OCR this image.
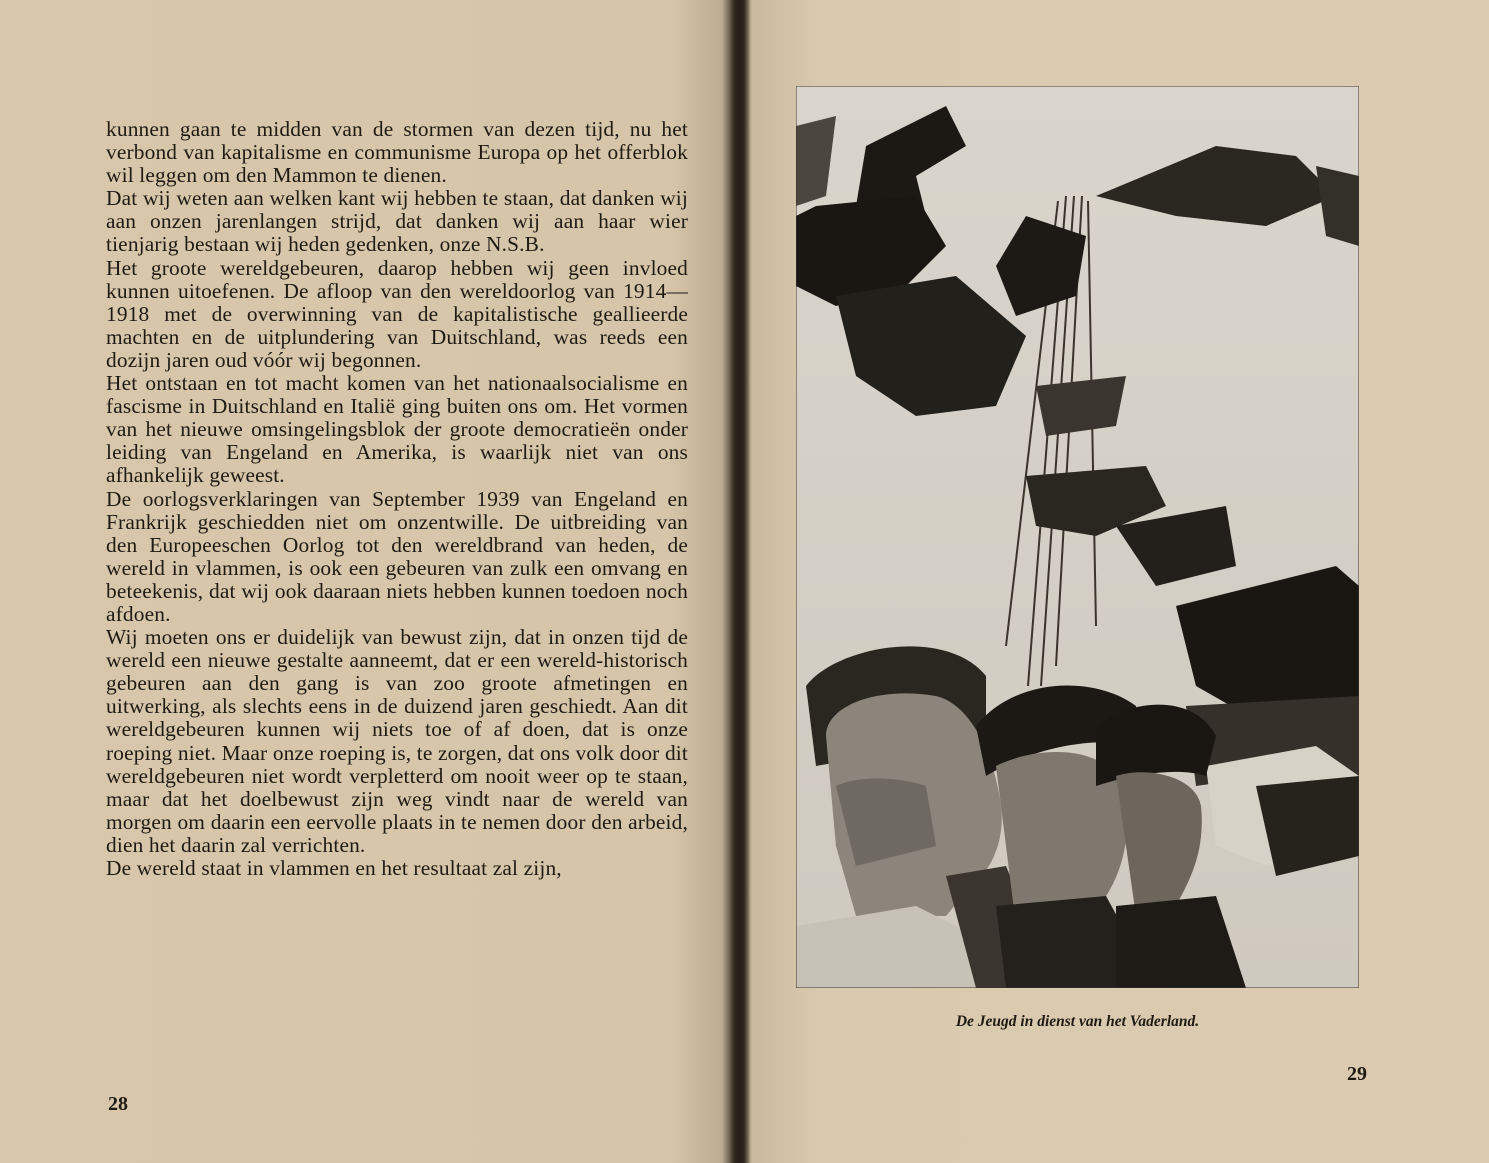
kunnen gaan te midden van de stormen van dezen tijd, nu het verbond van kapitalisme en communisme Europa op het offerblok wil leggen om den Mammon te dienen.

Dat wij weten aan welken kant wij hebben te staan, dat danken wij aan onzen jarenlangen strijd, dat danken wij aan haar wier tienjarig bestaan wij heden gedenken, onze N.S.B.

Het groote wereldgebeuren, daarop hebben wij geen invloed kunnen uitoefenen. De afloop van den wereldoorlog van 1914—1918 met de overwinning van de kapitalistische geallieerde machten en de uitplundering van Duitschland, was reeds een dozijn jaren oud vóór wij begonnen.

Het ontstaan en tot macht komen van het nationaalsocialisme en fascisme in Duitschland en Italië ging buiten ons om. Het vormen van het nieuwe omsingelingsblok der groote democratieën onder leiding van Engeland en Amerika, is waarlijk niet van ons afhankelijk geweest.

De oorlogsverklaringen van September 1939 van Engeland en Frankrijk geschiedden niet om onzentwille. De uitbreiding van den Europeeschen Oorlog tot den wereldbrand van heden, de wereld in vlammen, is ook een gebeuren van zulk een omvang en beteekenis, dat wij ook daaraan niets hebben kunnen toedoen noch afdoen.

Wij moeten ons er duidelijk van bewust zijn, dat in onzen tijd de wereld een nieuwe gestalte aanneemt, dat er een wereld-historisch gebeuren aan den gang is van zoo groote afmetingen en uitwerking, als slechts eens in de duizend jaren geschiedt. Aan dit wereldgebeuren kunnen wij niets toe of af doen, dat is onze roeping niet. Maar onze roeping is, te zorgen, dat ons volk door dit wereldgebeuren niet wordt verpletterd om nooit weer op te staan, maar dat het doelbewust zijn weg vindt naar de wereld van morgen om daarin een eervolle plaats in te nemen door den arbeid, dien het daarin zal verrichten.

De wereld staat in vlammen en het resultaat zal zijn,

28
De Jeugd in dienst van het Vaderland.
29
